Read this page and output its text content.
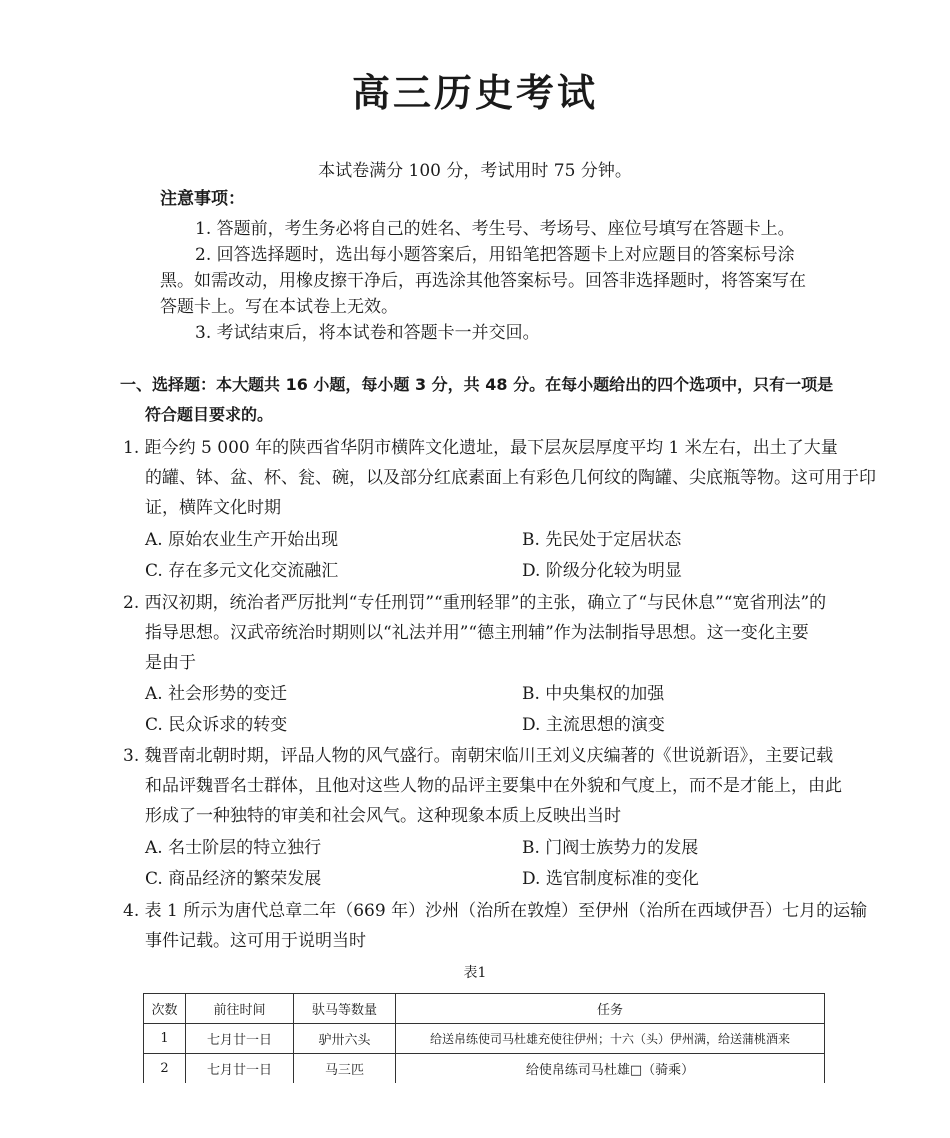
高三历史考试
本试卷满分 100 分，考试用时 75 分钟。
注意事项：
1. 答题前，考生务必将自己的姓名、考生号、考场号、座位号填写在答题卡上。
2. 回答选择题时，选出每小题答案后，用铅笔把答题卡上对应题目的答案标号涂
黑。如需改动，用橡皮擦干净后，再选涂其他答案标号。回答非选择题时，将答案写在
答题卡上。写在本试卷上无效。
3. 考试结束后，将本试卷和答题卡一并交回。
一、选择题：本大题共 16 小题，每小题 3 分，共 48 分。在每小题给出的四个选项中，只有一项是
符合题目要求的。
1. 距今约 5 000 年的陕西省华阴市横阵文化遗址，最下层灰层厚度平均 1 米左右，出土了大量
的罐、钵、盆、杯、瓮、碗，以及部分红底素面上有彩色几何纹的陶罐、尖底瓶等物。这可用于印
证，横阵文化时期
A. 原始农业生产开始出现	B. 先民处于定居状态
C. 存在多元文化交流融汇	D. 阶级分化较为明显
2. 西汉初期，统治者严厉批判“专任刑罚”“重刑轻罪”的主张，确立了“与民休息”“宽省刑法”的
指导思想。汉武帝统治时期则以“礼法并用”“德主刑辅”作为法制指导思想。这一变化主要
是由于
A. 社会形势的变迁	B. 中央集权的加强
C. 民众诉求的转变	D. 主流思想的演变
3. 魏晋南北朝时期，评品人物的风气盛行。南朝宋临川王刘义庆编著的《世说新语》，主要记载
和品评魏晋名士群体，且他对这些人物的品评主要集中在外貌和气度上，而不是才能上，由此
形成了一种独特的审美和社会风气。这种现象本质上反映出当时
A. 名士阶层的特立独行	B. 门阀士族势力的发展
C. 商品经济的繁荣发展	D. 选官制度标准的变化
4. 表 1 所示为唐代总章二年（669 年）沙州（治所在敦煌）至伊州（治所在西域伊吾）七月的运输
事件记载。这可用于说明当时
表1
次数	前往时间	驮马等数量	任务
1	七月廿一日	驴卅六头	给送帛练使司马杜雄充使往伊州；十六（头）伊州满，给送蒲桃酒来
2	七月廿一日	马三匹	给使帛练司马杜雄□（骑乘）
